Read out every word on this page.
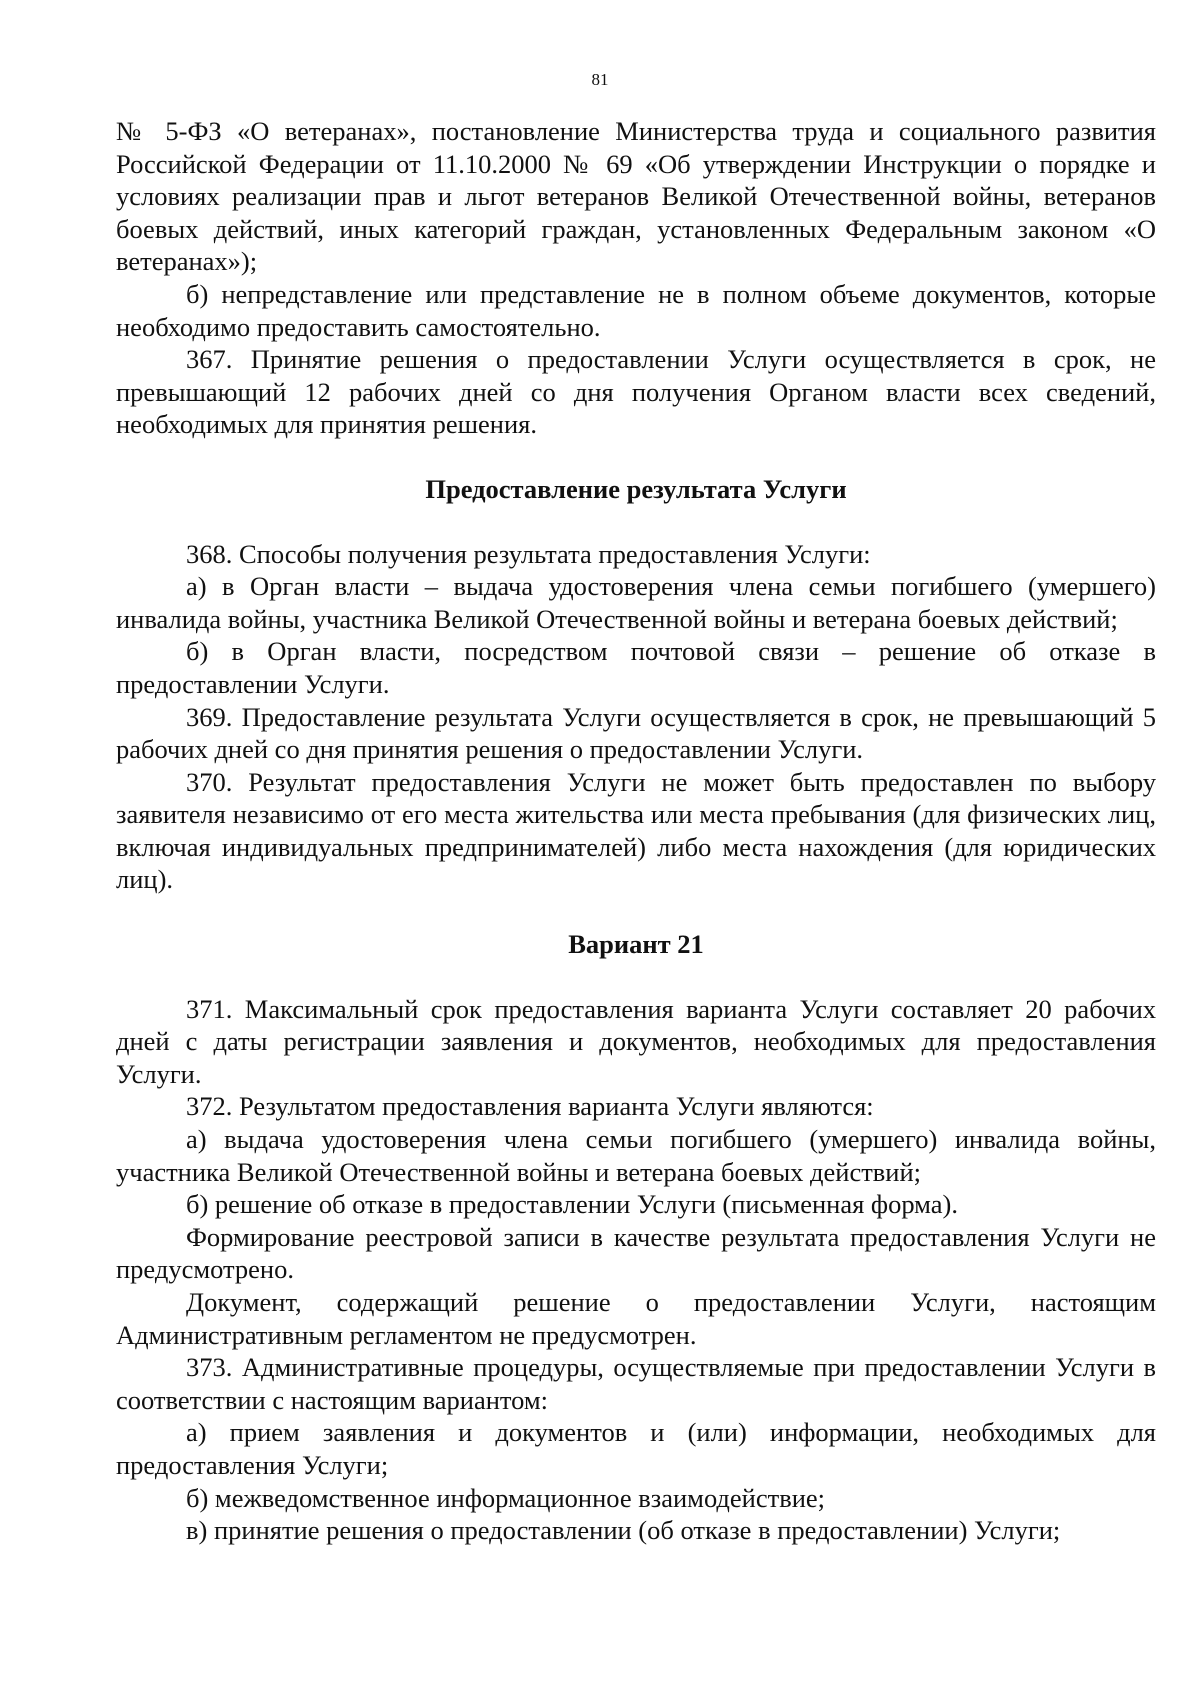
81

№ 5-ФЗ «О ветеранах», постановление Министерства труда и социального развития Российской Федерации от 11.10.2000 № 69 «Об утверждении Инструкции о порядке и условиях реализации прав и льгот ветеранов Великой Отечественной войны, ветеранов боевых действий, иных категорий граждан, установленных Федеральным законом «О ветеранах»);

б) непредставление или представление не в полном объеме документов, которые необходимо предоставить самостоятельно.

367. Принятие решения о предоставлении Услуги осуществляется в срок, не превышающий 12 рабочих дней со дня получения Органом власти всех сведений, необходимых для принятия решения.

Предоставление результата Услуги

368. Способы получения результата предоставления Услуги:

а) в Орган власти – выдача удостоверения члена семьи погибшего (умершего) инвалида войны, участника Великой Отечественной войны и ветерана боевых действий;

б) в Орган власти, посредством почтовой связи – решение об отказе в предоставлении Услуги.

369. Предоставление результата Услуги осуществляется в срок, не превышающий 5 рабочих дней со дня принятия решения о предоставлении Услуги.

370. Результат предоставления Услуги не может быть предоставлен по выбору заявителя независимо от его места жительства или места пребывания (для физических лиц, включая индивидуальных предпринимателей) либо места нахождения (для юридических лиц).

Вариант 21

371. Максимальный срок предоставления варианта Услуги составляет 20 рабочих дней с даты регистрации заявления и документов, необходимых для предоставления Услуги.

372. Результатом предоставления варианта Услуги являются:

а) выдача удостоверения члена семьи погибшего (умершего) инвалида войны, участника Великой Отечественной войны и ветерана боевых действий;

б) решение об отказе в предоставлении Услуги (письменная форма).

Формирование реестровой записи в качестве результата предоставления Услуги не предусмотрено.

Документ, содержащий решение о предоставлении Услуги, настоящим Административным регламентом не предусмотрен.

373. Административные процедуры, осуществляемые при предоставлении Услуги в соответствии с настоящим вариантом:

а) прием заявления и документов и (или) информации, необходимых для предоставления Услуги;

б) межведомственное информационное взаимодействие;

в) принятие решения о предоставлении (об отказе в предоставлении) Услуги;
